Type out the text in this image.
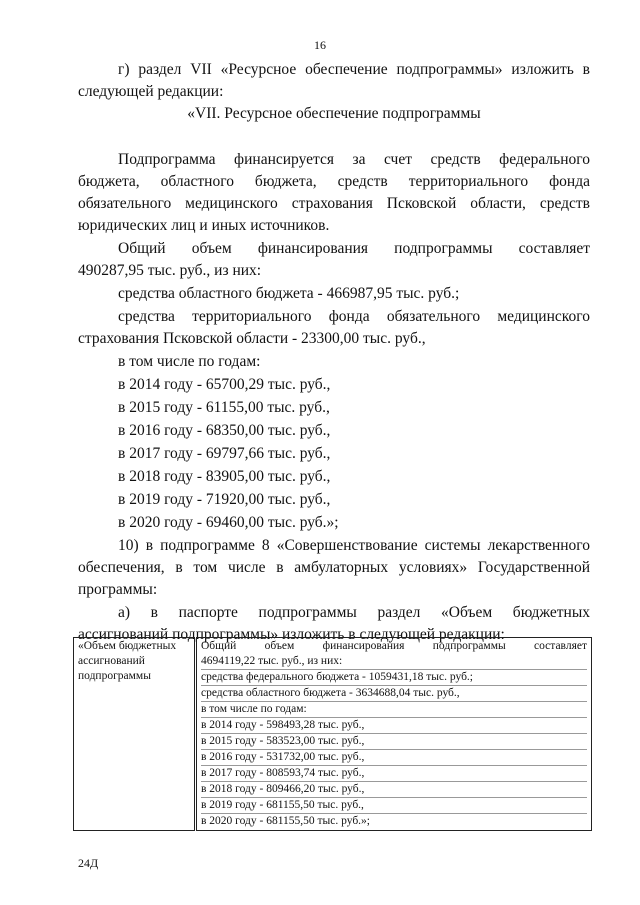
16
г) раздел VII «Ресурсное обеспечение подпрограммы» изложить в
следующей редакции:
«VII. Ресурсное обеспечение подпрограммы
Подпрограмма финансируется за счет средств федерального
бюджета, областного бюджета, средств территориального фонда
обязательного медицинского страхования Псковской области, средств
юридических лиц и иных источников.
Общий объем финансирования подпрограммы составляет
490287,95 тыс. руб., из них:
средства областного бюджета - 466987,95 тыс. руб.;
средства территориального фонда обязательного медицинского
страхования Псковской области - 23300,00 тыс. руб.,
в том числе по годам:
в 2014 году - 65700,29 тыс. руб.,
в 2015 году - 61155,00 тыс. руб.,
в 2016 году - 68350,00 тыс. руб.,
в 2017 году - 69797,66 тыс. руб.,
в 2018 году - 83905,00 тыс. руб.,
в 2019 году - 71920,00 тыс. руб.,
в 2020 году - 69460,00 тыс. руб.»;
10) в подпрограмме 8 «Совершенствование системы лекарственного
обеспечения, в том числе в амбулаторных условиях» Государственной
программы:
а) в паспорте подпрограммы раздел «Объем бюджетных
ассигнований подпрограммы» изложить в следующей редакции:
«Объем бюджетных
ассигнований
подпрограммы

Общий объем финансирования подпрограммы составляет
4694119,22 тыс. руб., из них:
средства федерального бюджета - 1059431,18 тыс. руб.;
средства областного бюджета - 3634688,04 тыс. руб.,
в том числе по годам:
в 2014 году - 598493,28 тыс. руб.,
в 2015 году - 583523,00 тыс. руб.,
в 2016 году - 531732,00 тыс. руб.,
в 2017 году - 808593,74 тыс. руб.,
в 2018 году - 809466,20 тыс. руб.,
в 2019 году - 681155,50 тыс. руб.,
в 2020 году - 681155,50 тыс. руб.»;
24Д
